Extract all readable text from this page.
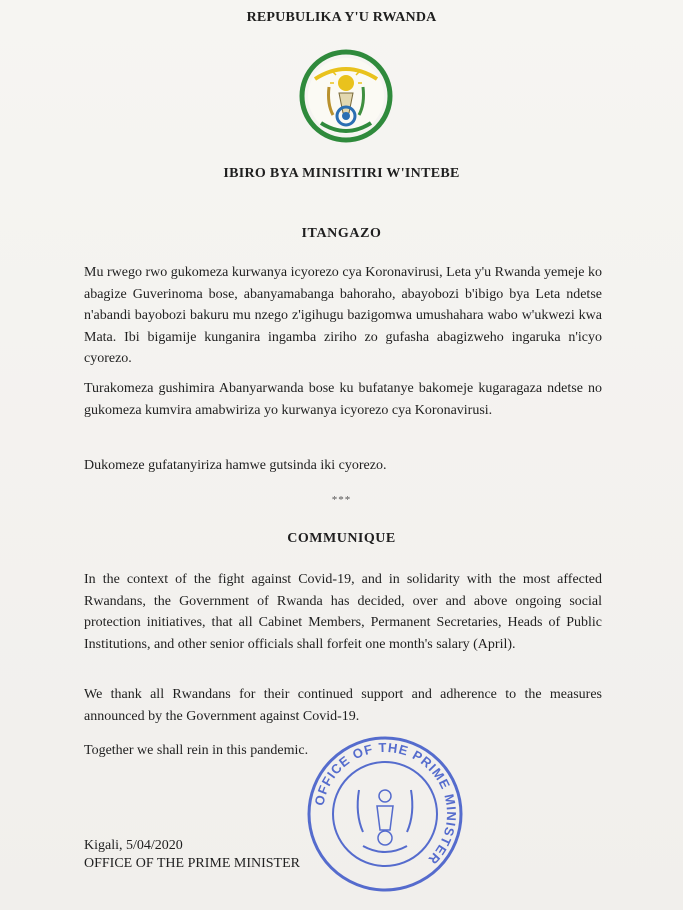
REPUBULIKA Y'U RWANDA
IBIRO BYA MINISITIRI W'INTEBE
ITANGAZO
Mu rwego rwo gukomeza kurwanya icyorezo cya Koronavirusi, Leta y'u Rwanda yemeje ko abagize Guverinoma bose, abanyamabanga bahoraho, abayobozi b'ibigo bya Leta ndetse n'abandi bayobozi bakuru mu nzego z'igihugu bazigomwa umushahara wabo w'ukwezi kwa Mata. Ibi bigamije kunganira ingamba ziriho zo gufasha abagizweho ingaruka n'icyo cyorezo.
Turakomeza gushimira Abanyarwanda bose ku bufatanye bakomeje kugaragaza ndetse no gukomeza kumvira amabwiriza yo kurwanya icyorezo cya Koronavirusi.
Dukomeze gufatanyiriza hamwe gutsinda iki cyorezo.
***
COMMUNIQUE
In the context of the fight against Covid-19, and in solidarity with the most affected Rwandans, the Government of Rwanda has decided, over and above ongoing social protection initiatives, that all Cabinet Members, Permanent Secretaries, Heads of Public Institutions, and other senior officials shall forfeit one month's salary (April).
We thank all Rwandans for their continued support and adherence to the measures announced by the Government against Covid-19.
Together we shall rein in this pandemic.
Kigali, 5/04/2020
OFFICE OF THE PRIME MINISTER
OFFICE OF THE PRIME MINISTER
